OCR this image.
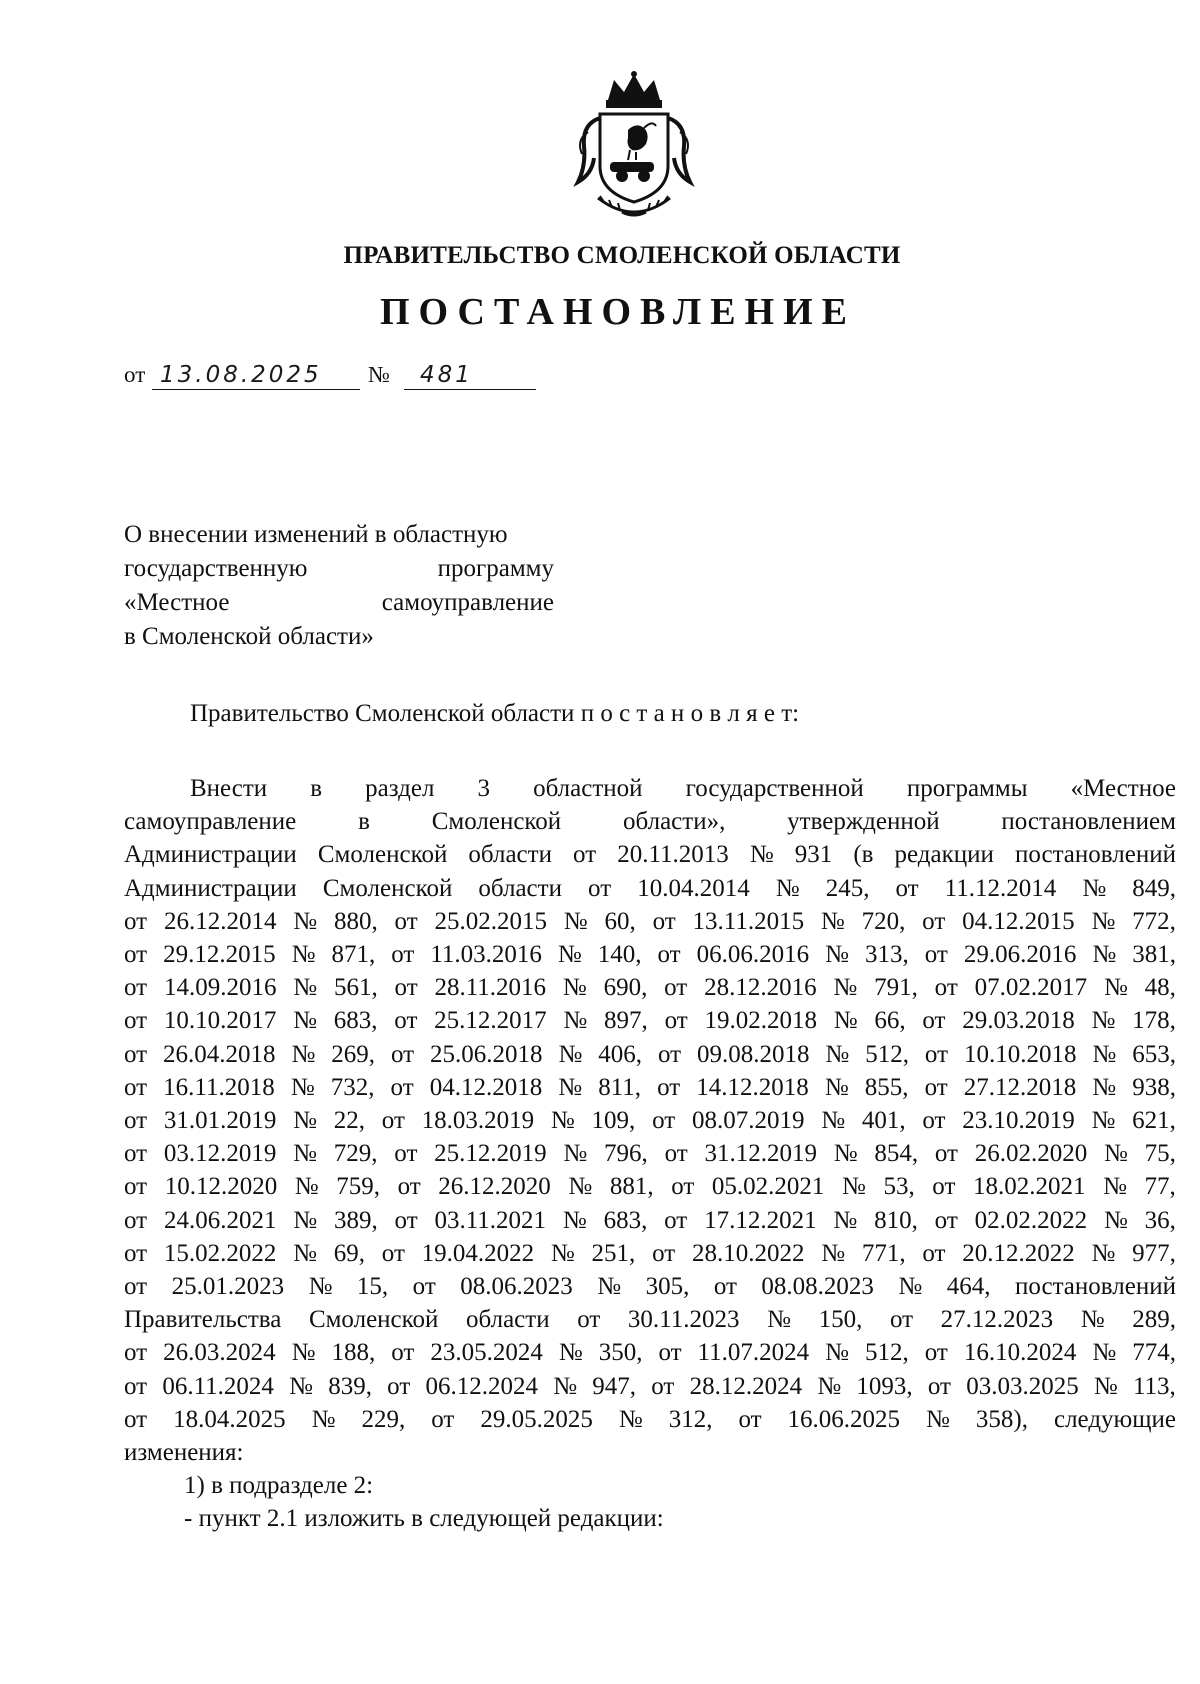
ПРАВИТЕЛЬСТВО СМОЛЕНСКОЙ ОБЛАСТИ
ПОСТАНОВЛЕНИЕ
от 13.08.2025 № 481
О внесении изменений в областную
государственную	программу
«Местное	самоуправление
в Смоленской области»
Правительство Смоленской области п о с т а н о в л я е т:
Внести в раздел 3 областной государственной программы «Местное
самоуправление в Смоленской области», утвержденной постановлением
Администрации Смоленской области от 20.11.2013 № 931 (в редакции постановлений
Администрации Смоленской области от 10.04.2014 № 245, от 11.12.2014 № 849,
от 26.12.2014 № 880, от 25.02.2015 № 60, от 13.11.2015 № 720, от 04.12.2015 № 772,
от 29.12.2015 № 871, от 11.03.2016 № 140, от 06.06.2016 № 313, от 29.06.2016 № 381,
от 14.09.2016 № 561, от 28.11.2016 № 690, от 28.12.2016 № 791, от 07.02.2017 № 48,
от 10.10.2017 № 683, от 25.12.2017 № 897, от 19.02.2018 № 66, от 29.03.2018 № 178,
от 26.04.2018 № 269, от 25.06.2018 № 406, от 09.08.2018 № 512, от 10.10.2018 № 653,
от 16.11.2018 № 732, от 04.12.2018 № 811, от 14.12.2018 № 855, от 27.12.2018 № 938,
от 31.01.2019 № 22, от 18.03.2019 № 109, от 08.07.2019 № 401, от 23.10.2019 № 621,
от 03.12.2019 № 729, от 25.12.2019 № 796, от 31.12.2019 № 854, от 26.02.2020 № 75,
от 10.12.2020 № 759, от 26.12.2020 № 881, от 05.02.2021 № 53, от 18.02.2021 № 77,
от 24.06.2021 № 389, от 03.11.2021 № 683, от 17.12.2021 № 810, от 02.02.2022 № 36,
от 15.02.2022 № 69, от 19.04.2022 № 251, от 28.10.2022 № 771, от 20.12.2022 № 977,
от 25.01.2023 № 15, от 08.06.2023 № 305, от 08.08.2023 № 464, постановлений
Правительства Смоленской области от 30.11.2023 № 150, от 27.12.2023 № 289,
от 26.03.2024 № 188, от 23.05.2024 № 350, от 11.07.2024 № 512, от 16.10.2024 № 774,
от 06.11.2024 № 839, от 06.12.2024 № 947, от 28.12.2024 № 1093, от 03.03.2025 № 113,
от 18.04.2025 № 229, от 29.05.2025 № 312, от 16.06.2025 № 358), следующие
изменения:
1) в подразделе 2:
- пункт 2.1 изложить в следующей редакции:
